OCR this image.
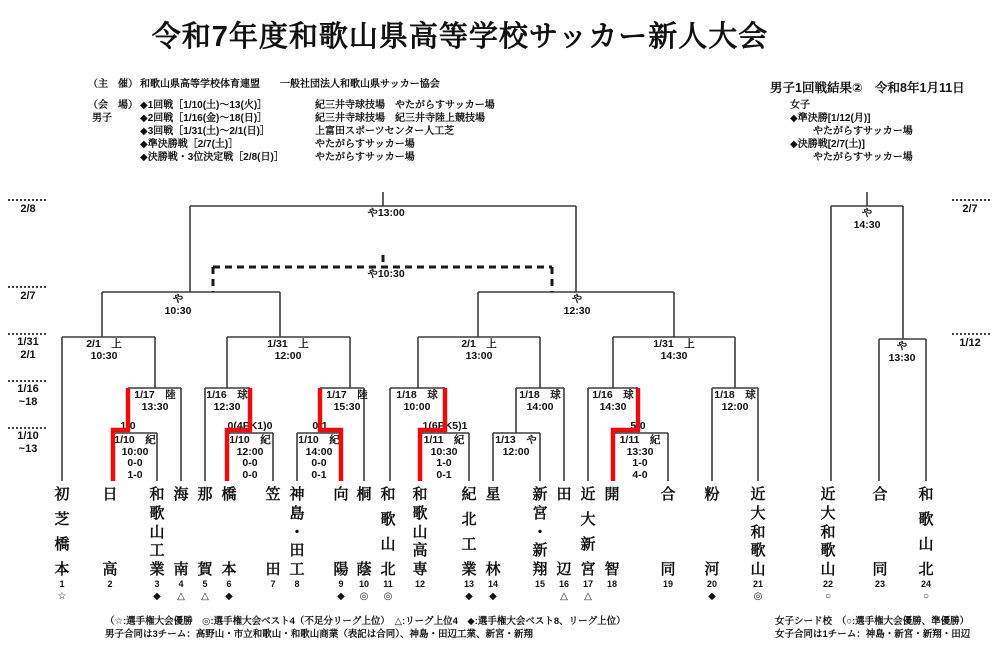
令和7年度和歌山県高等学校サッカー新人大会
男子1回戦結果②　令和8年1月11日
（主　催） 和歌山県高等学校体育連盟　　一般社団法人和歌山県サッカー協会
（会　場）
男子
◆1回戦［1/10(土)～13(火)］	紀三井寺球技場　やたがらすサッカー場
◆2回戦［1/16(金)～18(日)］	紀三井寺球技場　紀三井寺陸上競技場
◆3回戦［1/31(土)～2/1(日)］	上富田スポーツセンター人工芝
◆準決勝戦［2/7(土)］	やたがらすサッカー場
◆決勝戦・3位決定戦［2/8(日)］	やたがらすサッカー場
女子
◆準決勝[1/12(月)]
やたがらすサッカー場
◆決勝戦[2/7(土)]
やたがらすサッカー場
2/8
2/7
1/31
2/1
1/16
~18
1/10
~13
2/7
1/12
や13:00
や10:30
や
10:30
や
12:30
2/1　上
10:30
1/31　上
12:00
2/1　上
13:00
1/31　上
14:30
1/17　陸
13:30
1/16　球
12:30
1/17　陸
15:30
1/18　球
10:00
1/18　球
14:00
1/16　球
14:30
1/18　球
12:00
1-0	0(4PK1)0	0-1	1(6PK5)1	5-0
1/10　紀
10:00
0-0
1-0
1/10　紀
12:00
0-0
0-0
1/10　紀
14:00
0-0
0-1
1/11　紀
10:30
1-0
0-1
1/13　や
12:00
1/11　紀
13:30
1-0
4-0
や
14:30
や
13:30
初
芝
橋
本
1
☆
日
高
2
和
歌
山
工
業
3
◆
海
南
4
△
那
賀
5
△
橋
本
6
◆
笠
田
7
神
島
・
田
工
8
向
陽
9
◆
桐
蔭
10
◎
和
歌
山
北
11
◎
和
歌
山
高
専
12
紀
北
工
業
13
◆
星
林
14
◆
新
宮
・
新
翔
15
田
辺
16
△
近
大
新
宮
17
△
開
智
18
合
同
19
粉
河
20
◆
近
大
和
歌
山
21
◎
近
大
和
歌
山
22
○
合
同
23
和
歌
山
北
24
○
（☆:選手権大会優勝　◎:選手権大会ベスト4（不足分リーグ上位）　△:リーグ上位4　◆:選手権大会ベスト8、リーグ上位）
男子合同は3チーム：高野山・市立和歌山・和歌山商業（表記は合同）、神島・田辺工業、新宮・新翔
女子シード校　（○:選手権大会優勝、準優勝）
女子合同は1チーム：神島・新宮・新翔・田辺
